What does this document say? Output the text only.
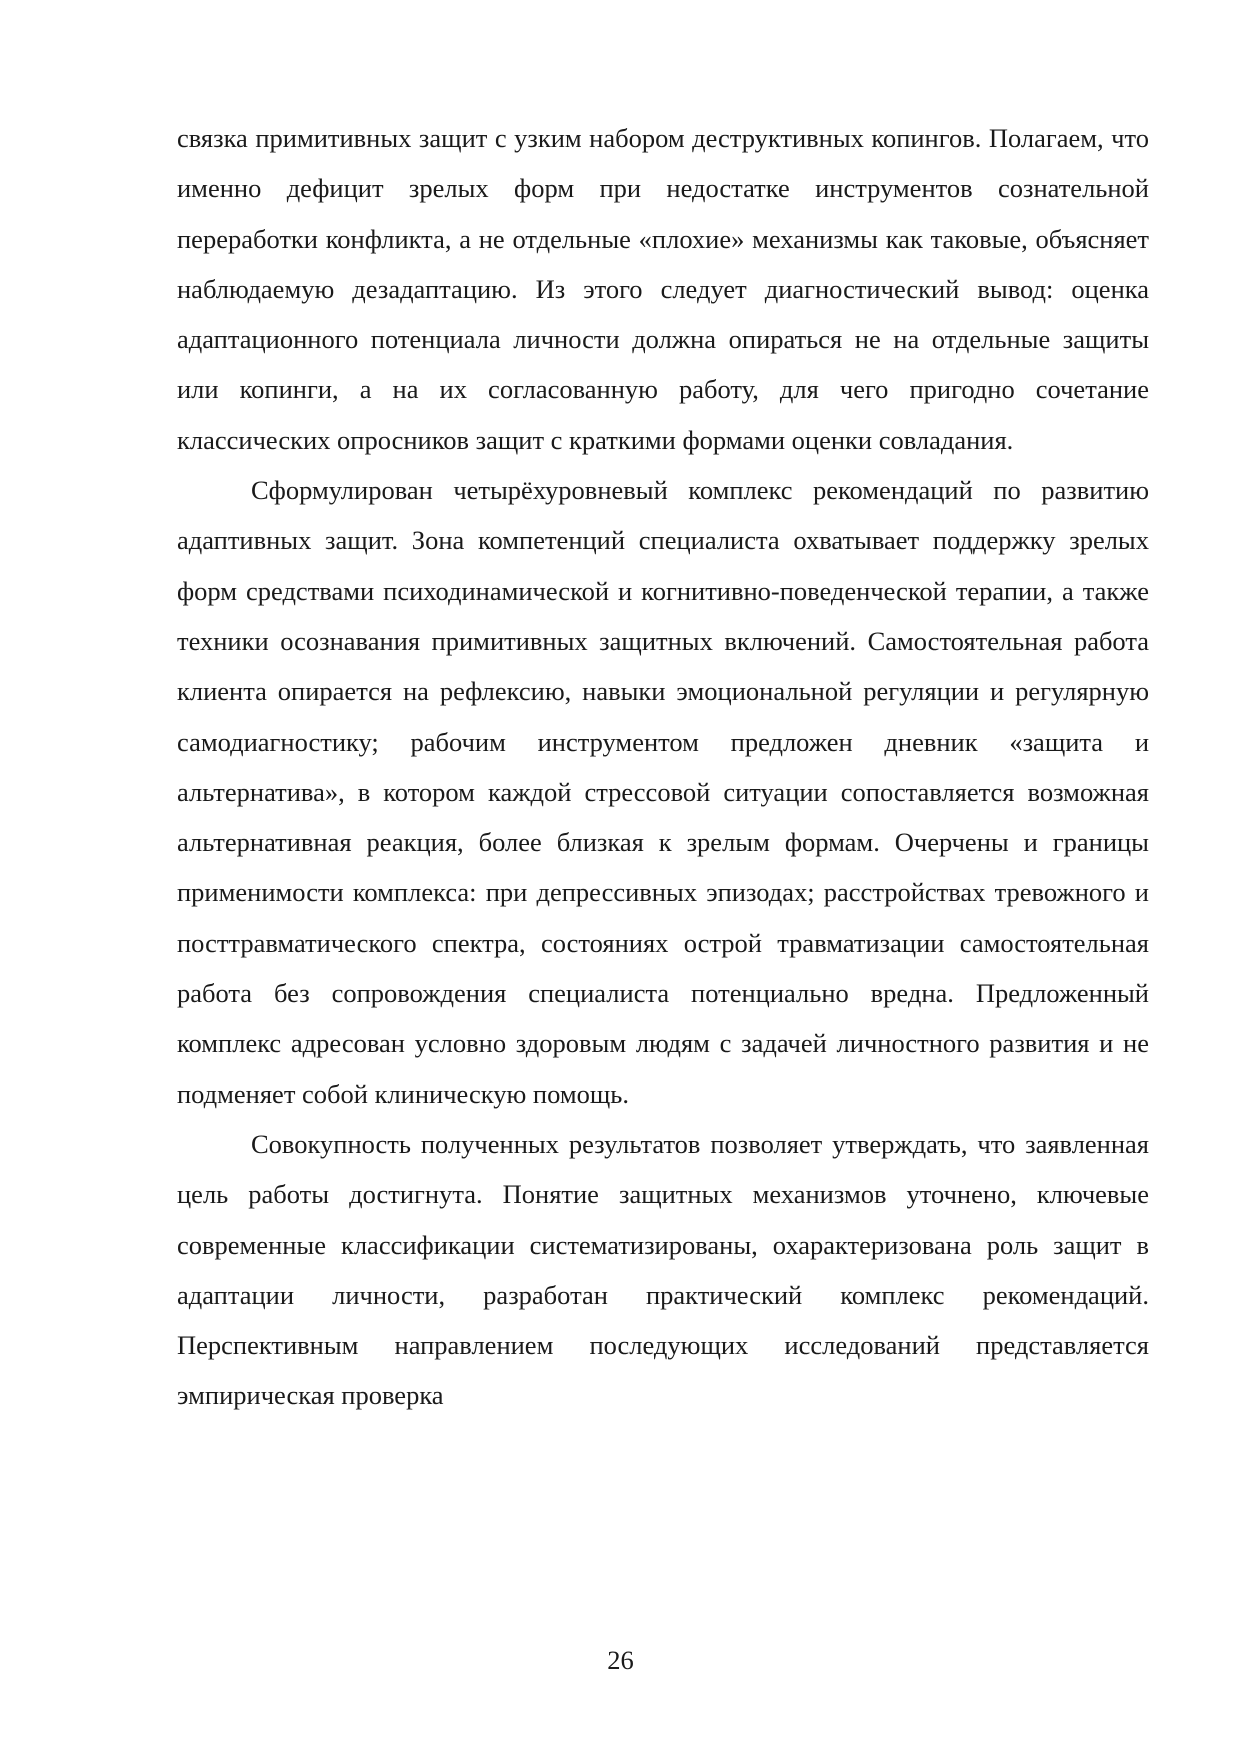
связка примитивных защит с узким набором деструктивных копингов. Полагаем, что именно дефицит зрелых форм при недостатке инструментов сознательной переработки конфликта, а не отдельные «плохие» механизмы как таковые, объясняет наблюдаемую дезадаптацию. Из этого следует диагностический вывод: оценка адаптационного потенциала личности должна опираться не на отдельные защиты или копинги, а на их согласованную работу, для чего пригодно сочетание классических опросников защит с краткими формами оценки совладания.

Сформулирован четырёхуровневый комплекс рекомендаций по развитию адаптивных защит. Зона компетенций специалиста охватывает поддержку зрелых форм средствами психодинамической и когнитивно-поведенческой терапии, а также техники осознавания примитивных защитных включений. Самостоятельная работа клиента опирается на рефлексию, навыки эмоциональной регуляции и регулярную самодиагностику; рабочим инструментом предложен дневник «защита и альтернатива», в котором каждой стрессовой ситуации сопоставляется возможная альтернативная реакция, более близкая к зрелым формам. Очерчены и границы применимости комплекса: при депрессивных эпизодах; расстройствах тревожного и посттравматического спектра, состояниях острой травматизации самостоятельная работа без сопровождения специалиста потенциально вредна. Предложенный комплекс адресован условно здоровым людям с задачей личностного развития и не подменяет собой клиническую помощь.

Совокупность полученных результатов позволяет утверждать, что заявленная цель работы достигнута. Понятие защитных механизмов уточнено, ключевые современные классификации систематизированы, охарактеризована роль защит в адаптации личности, разработан практический комплекс рекомендаций. Перспективным направлением последующих исследований представляется эмпирическая проверка

26
